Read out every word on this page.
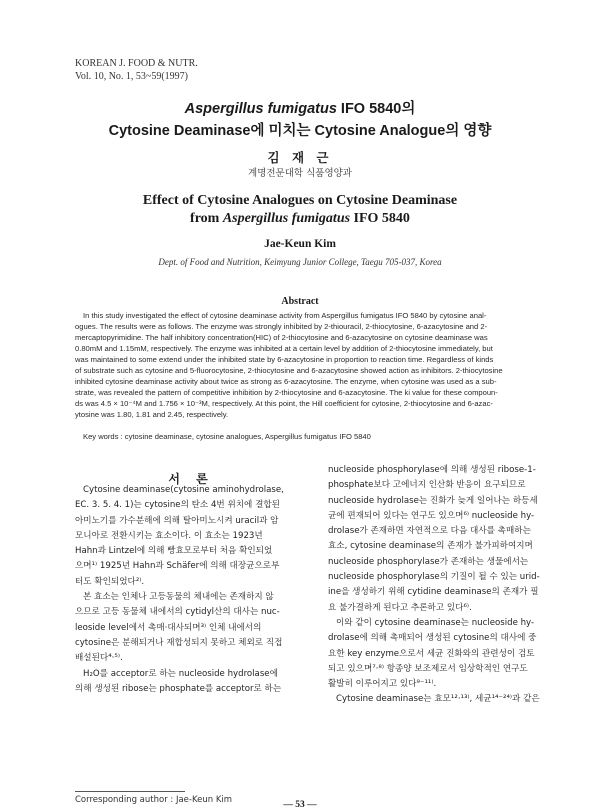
KOREAN J. FOOD & NUTR.
Vol. 10, No. 1, 53~59(1997)
Aspergillus fumigatus IFO 5840의
Cytosine Deaminase에 미치는 Cytosine Analogue의 영향
김 재 근
계명전문대학 식품영양과
Effect of Cytosine Analogues on Cytosine Deaminase
from Aspergillus fumigatus IFO 5840
Jae-Keun Kim
Dept. of Food and Nutrition, Keimyung Junior College, Taegu 705-037, Korea
Abstract
In this study investigated the effect of cytosine deaminase activity from Aspergillus fumigatus IFO 5840 by cytosine anal-
ogues. The results were as follows. The enzyme was strongly inhibited by 2-thiouracil, 2-thiocytosine, 6-azacytosine and 2-
mercaptopyrimidine. The half inhibitory concentration(HIC) of 2-thiocytosine and 6-azacytosine on cytosine deaminase was
0.80mM and 1.15mM, respectively. The enzyme was inhibited at a certain level by addition of 2-thiocytosine immediately, but
was maintained to some extend under the inhibited state by 6-azacytosine in proportion to reaction time. Regardless of kinds
of substrate such as cytosine and 5-fluorocytosine, 2-thiocytosine and 6-azacytosine showed action as inhibitors. 2-thiocytosine
inhibited cytosine deaminase activity about twice as strong as 6-azacytosine. The enzyme, when cytosine was used as a sub-
strate, was revealed the pattern of competitive inhibition by 2-thiocytosine and 6-azacytosine. The ki value for these compoun-
ds was 4.5 × 10⁻⁴M and 1.756 × 10⁻³M, respectively. At this point, the Hill coefficient for cytosine, 2-thiocytosine and 6-azac-
ytosine was 1.80, 1.81 and 2.45, respectively.
Key words : cytosine deaminase, cytosine analogues, Aspergillus fumigatus IFO 5840
서 론
Cytosine deaminase(cytosine aminohydrolase,
EC. 3. 5. 4. 1)는 cytosine의 탄소 4번 위치에 결합된
아미노기를 가수분해에 의해 탈아미노시켜 uracil과 암
모니아로 전환시키는 효소이다. 이 효소는 1923년
Hahn과 Lintzel에 의해 빵효모로부터 처음 확인되었
으며¹⁾ 1925년 Hahn과 Schäfer에 의해 대장균으로부
터도 확인되었다²⁾.
본 효소는 인체나 고등동물의 체내에는 존재하지 않
으므로 고등 동물체 내에서의 cytidyl산의 대사는 nuc-
leoside level에서 촉매·대사되며³⁾ 인체 내에서의
cytosine은 분해되거나 재합성되지 못하고 체외로 직접
배설된다⁴·⁵⁾.
H₂O를 acceptor로 하는 nucleoside hydrolase에
의해 생성된 ribose는 phosphate를 acceptor로 하는
nucleoside phosphorylase에 의해 생성된 ribose-1-
phosphate보다 고에너지 인산화 반응이 요구되므로
nucleoside hydrolase는 진화가 늦게 일어나는 하등세
균에 편재되어 있다는 연구도 있으며⁶⁾ nucleoside hy-
drolase가 존재하면 자연적으로 다음 대사를 촉매하는
효소, cytosine deaminase의 존재가 불가피하여지며
nucleoside phosphorylase가 존재하는 생물에서는
nucleoside phosphorylase의 기질이 될 수 있는 urid-
ine을 생성하기 위해 cytidine deaminase의 존재가 필
요 불가결하게 된다고 추론하고 있다⁶⁾.
이와 같이 cytosine deaminase는 nucleoside hy-
drolase에 의해 촉매되어 생성된 cytosine의 대사에 중
요한 key enzyme으로서 세균 진화와의 관련성이 검토
되고 있으며⁷·⁸⁾ 항종양 보조제로서 임상학적인 연구도
활발히 이루어지고 있다⁹⁻¹¹⁾.
Cytosine deaminase는 효모¹²·¹³⁾, 세균¹⁴⁻²⁴⁾과 같은
Corresponding author : Jae-Keun Kim	— 53 —
